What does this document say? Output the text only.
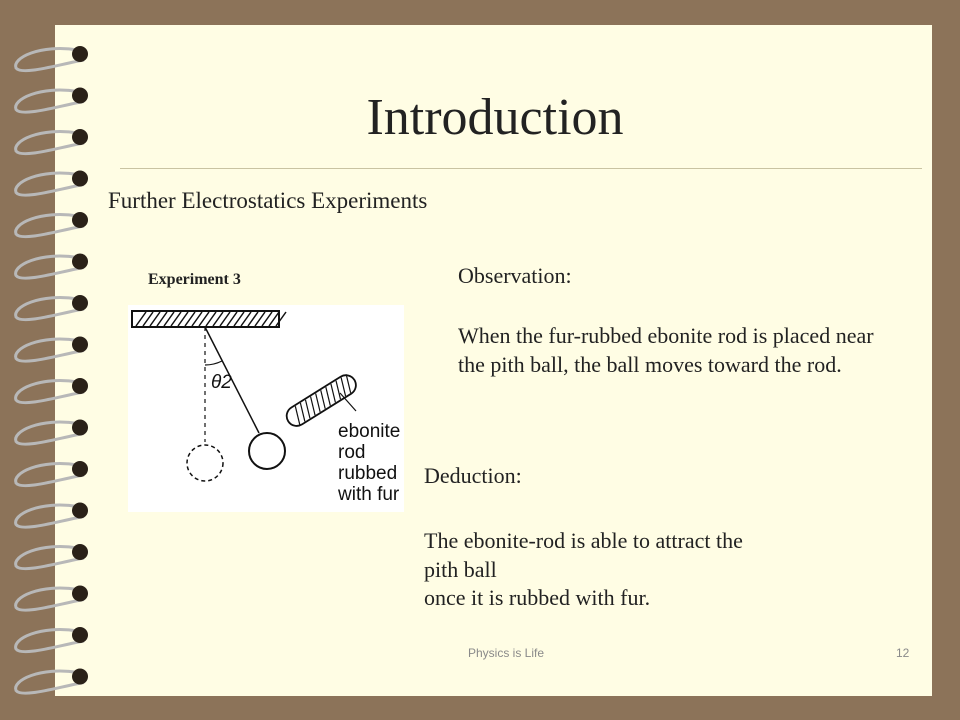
Introduction
Further Electrostatics Experiments
Experiment 3
θ2
ebonite
rod
rubbed
with fur
Observation:
When the fur-rubbed ebonite rod is placed near the pith ball, the ball moves toward the rod.
Deduction:
The ebonite-rod is able to attract the
pith ball
once it is rubbed with fur.
Physics is Life	12
